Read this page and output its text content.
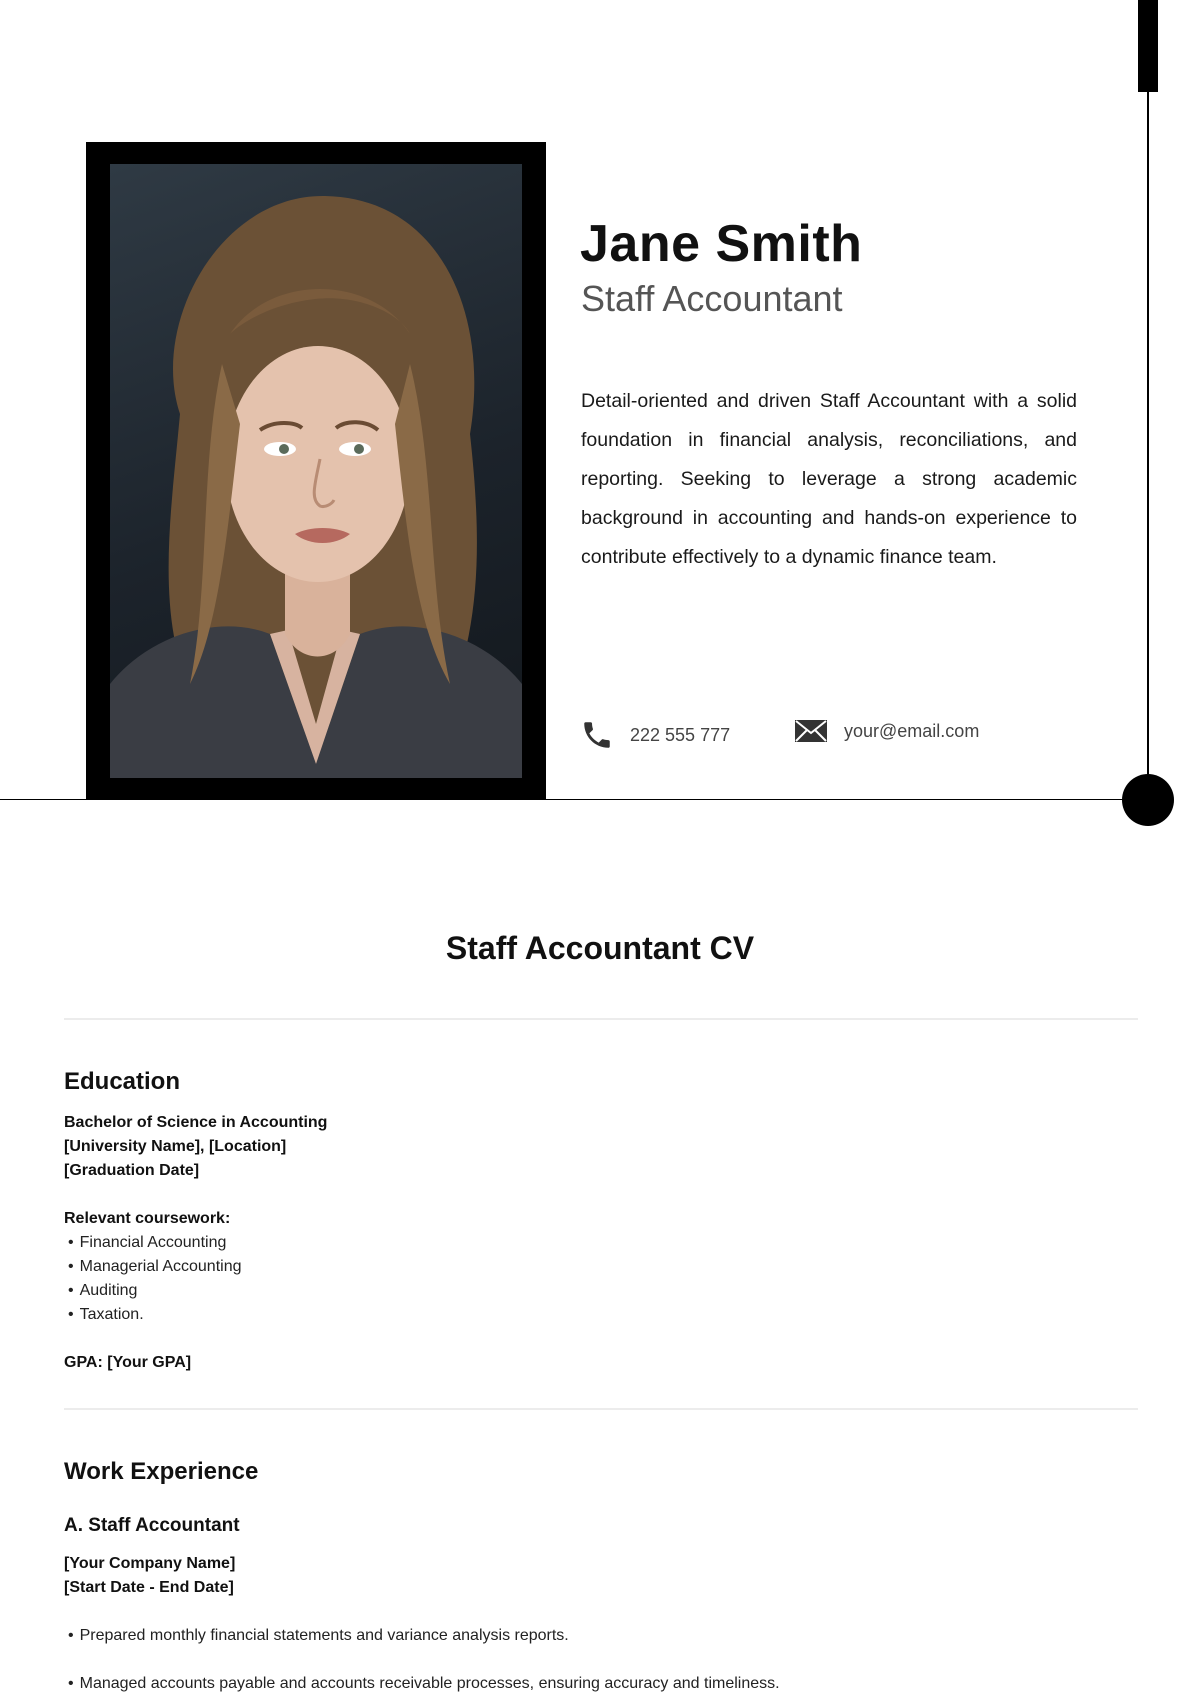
Jane Smith
Staff Accountant

Detail-oriented and driven Staff Accountant with a solid foundation in financial analysis, reconciliations, and reporting. Seeking to leverage a strong academic background in accounting and hands-on experience to contribute effectively to a dynamic finance team.

222 555 777	your@email.com
Staff Accountant CV
Education
Bachelor of Science in Accounting
[University Name], [Location]
[Graduation Date]
Relevant coursework:
• Financial Accounting
• Managerial Accounting
• Auditing
• Taxation.
GPA: [Your GPA]
Work Experience
A. Staff Accountant
[Your Company Name]
[Start Date - End Date]
• Prepared monthly financial statements and variance analysis reports.
• Managed accounts payable and accounts receivable processes, ensuring accuracy and timeliness.
